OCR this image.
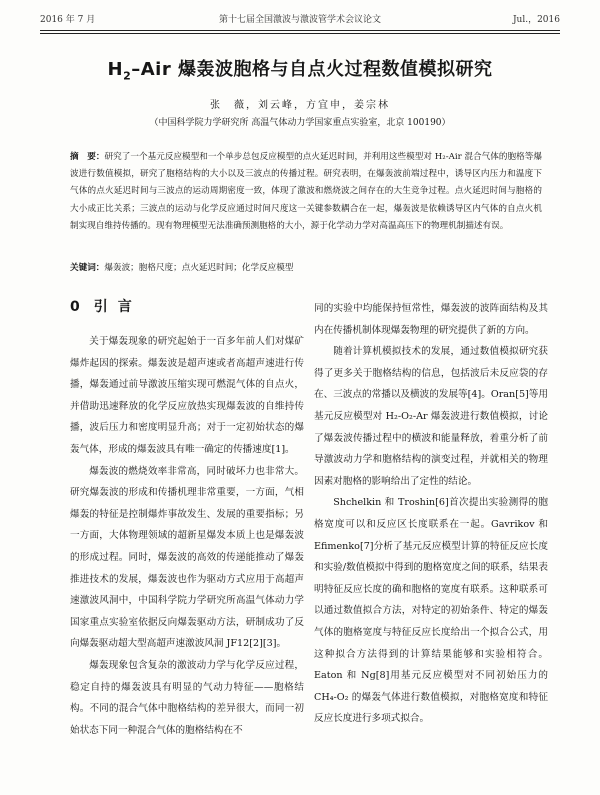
2016 年 7 月	第十七届全国激波与激波管学术会议论文	Jul.，2016
$H_2$–Air 爆轰波胞格与自点火过程数值模拟研究
张　薇，刘云峰，方宜申，姜宗林
（中国科学院力学研究所 高温气体动力学国家重点实验室，北京 100190）
摘　要：研究了一个基元反应模型和一个单步总包反应模型的点火延迟时间，并利用这些模型对 H₂-Air 混合气体的胞格等爆波进行数值模拟，研究了胞格结构的大小以及三波点的传播过程。研究表明，在爆轰波前端过程中，诱导区内压力和温度下气体的点火延迟时间与三波点的运动周期密度一致，体现了激波和燃烧波之间存在的大生竞争过程。点火延迟时间与胞格的大小成正比关系；三波点的运动与化学反应通过时间尺度这一关键参数耦合在一起，爆轰波是依赖诱导区内气体的自点火机制实现自维持传播的。现有物理模型无法准确预测胞格的大小，源于化学动力学对高温高压下的物理机制描述有误。
关键词：爆轰波；胞格尺度；点火延迟时间；化学反应模型
0引言

关于爆轰现象的研究起始于一百多年前人们对煤矿爆炸起因的探索。爆轰波是超声速或者高超声速进行传播，爆轰通过前导激波压缩实现可燃混气体的自点火，并借助迅速释放的化学反应放热实现爆轰波的自维持传播，波后压力和密度明显升高；对于一定初始状态的爆轰气体，形成的爆轰波具有唯一确定的传播速度[1]。

爆轰波的燃烧效率非常高，同时破坏力也非常大。研究爆轰波的形成和传播机理非常重要，一方面，气相爆轰的特征是控制爆炸事故发生、发展的重要指标；另一方面，大体物理领域的超新星爆发本质上也是爆轰波的形成过程。同时，爆轰波的高效的传递能推动了爆轰推进技术的发展，爆轰波也作为驱动方式应用于高超声速激波风洞中，中国科学院力学研究所高温气体动力学国家重点实验室依据反向爆轰驱动方法，研制成功了反向爆轰驱动超大型高超声速激波风洞 JF12[2][3]。

爆轰现象包含复杂的激波动力学与化学反应过程，稳定自持的爆轰波具有明显的气动力特征——胞格结构。不同的混合气体中胞格结构的差异很大，而同一初始状态下同一种混合气体的胞格结构在不

同的实验中均能保持恒常性，爆轰波的波阵面结构及其内在传播机制体现爆轰物理的研究提供了新的方向。

随着计算机模拟技术的发展，通过数值模拟研究获得了更多关于胞格结构的信息，包括波后未反应袋的存在、三波点的常播以及横波的发展等[4]。Oran[5]等用基元反应模型对 H₂-O₂-Ar 爆轰波进行数值模拟，讨论了爆轰波传播过程中的横波和能量释放，着重分析了前导激波动力学和胞格结构的演变过程，并就相关的物理因素对胞格的影响给出了定性的结论。

Shchelkin 和 Troshin[6]首次提出实验测得的胞格宽度可以和反应区长度联系在一起。Gavrikov 和 Efimenko[7]分析了基元反应模型计算的特征反应长度和实验/数值模拟中得到的胞格宽度之间的联系，结果表明特征反应长度的确和胞格的宽度有联系。这种联系可以通过数值拟合方法，对特定的初始条件、特定的爆轰气体的胞格宽度与特征反应长度给出一个拟合公式，用这种拟合方法得到的计算结果能够和实验相符合。Eaton 和 Ng[8]用基元反应模型对不同初始压力的 CH₄-O₂ 的爆轰气体进行数值模拟，对胞格宽度和特征反应长度进行多项式拟合。
